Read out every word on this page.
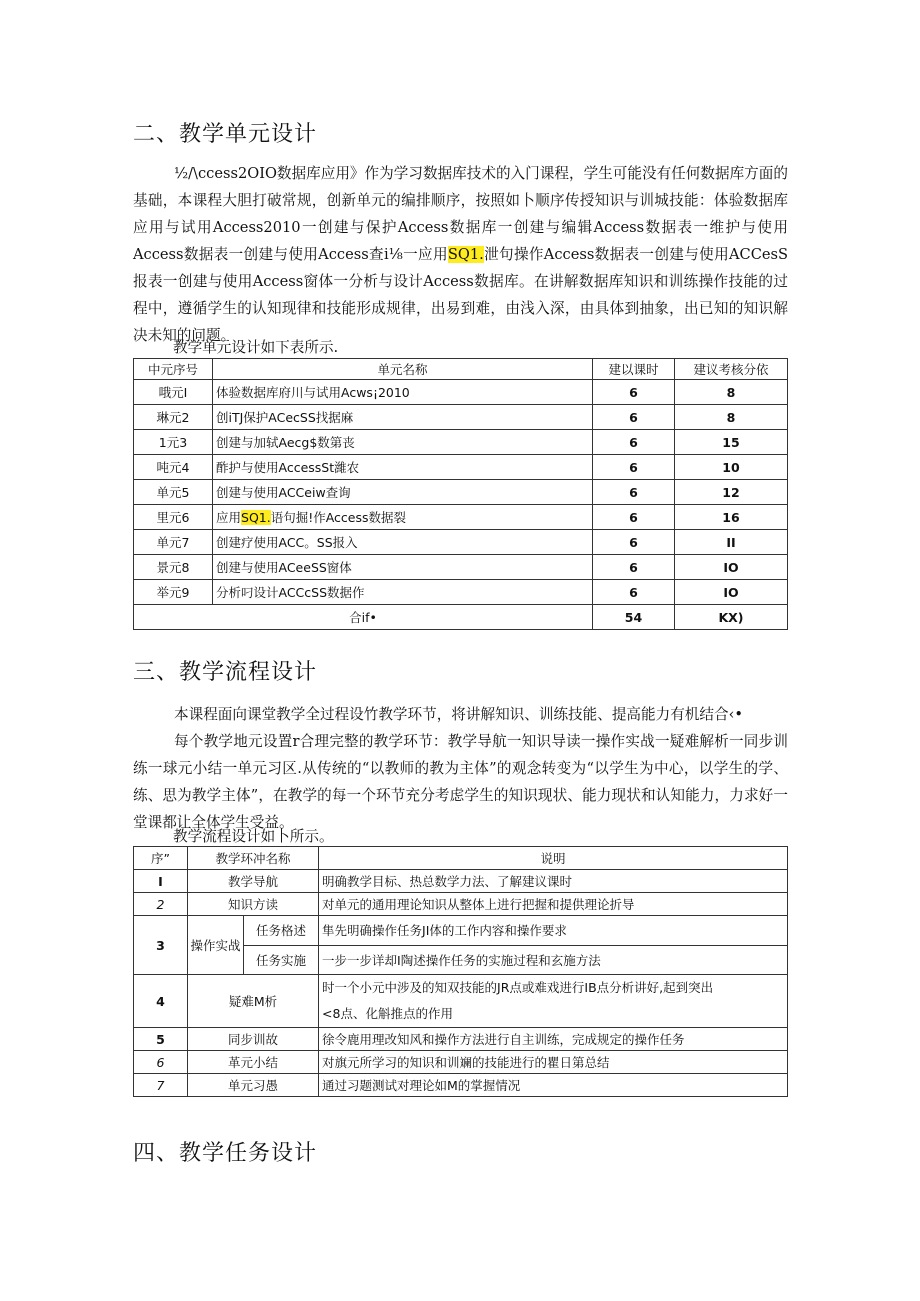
二、教学单元设计

½/\ccess2OIO数据库应用》作为学习数据库技术的入门课程，学生可能没有任何数据库方面的基础，本课程大胆打破常规，创新单元的编排顺序，按照如卜顺序传授知识与训城技能：体验数据库应用与试用Access2010一创建与保护Access数据库一创建与编辑Access数据表一维护与使用Access数据表一创建与使用Access查i⅛一应用SQ1.泄句操作Access数据表一创建与使用ACCesS报表一创建与使用Access窗体一分析与设计Access数据库。在讲解数据库知识和训练操作技能的过程中，遵循学生的认知现律和技能形成规律，出易到难，由浅入深，由具体到抽象，出已知的知识解决未知的问题。

教学单元设计如下表所示.
中元序号	单元名称	建以课时	建议考核分依
哦元I	体验数据库府川与试用Acws¡2010	6	8
琳元2	创iTJ保护ACecSS找据麻	6	8
1元3	创建与加轼Aecg$数第丧	6	15
吨元4	酢护与使用AccessSt濰农	6	10
单元5	创建与使用ACCeiw查询	6	12
里元6	应用SQ1.语句掘!作Access数据裂	6	16
单元7	创建疗使用ACC。SS报入	6	II
景元8	创建与使用ACeeSS窗体	6	IO
举元9	分析叼设计ACCcSS数据作	6	IO
合if•		54	KX)
三、教学流程设计

本课程面向课堂教学全过程设竹教学环节，将讲解知识、训练技能、提高能力有机结合‹•

每个教学地元设置r合理完整的教学环节：教学导航一知识导读一操作实战一疑难解析一同步训练一球元小结一单元习区.从传统的“以教师的教为主体”的观念转变为“以学生为中心，以学生的学、练、思为教学主体”，在教学的每一个环节充分考虑学生的知识现状、能力现状和认知能力，力求好一堂课都让全体学生受益。

教学流程设计如卜所示。
序”	教学环冲名称		说明
I	教学导航		明确教学目标、热总数学力法、了解建议课时
2	知识方读		对单元的通用理论知识从整体上进行把握和提供理论折导
3	操作实战	任务格述	隼先明确操作任务JI体的工作内容和操作要求
		任务实施	一步一步详却I陶述操作任务的实施过程和玄施方法
4	疑难M析		时一个小元中涉及的知双技能的JR点或难戏进行IB点分析讲好,起到突出
<8点、化斛推点的作用

5	同步训故		徐令鹿用理改知风和操作方法进行自主训练，完成规定的操作任务
6	革元小结		对旗元所学习的知识和训斓的技能进行的瞿日第总结
7	单元习愚		通过习题测试对理论如M的掌握情况
四、教学任务设计
